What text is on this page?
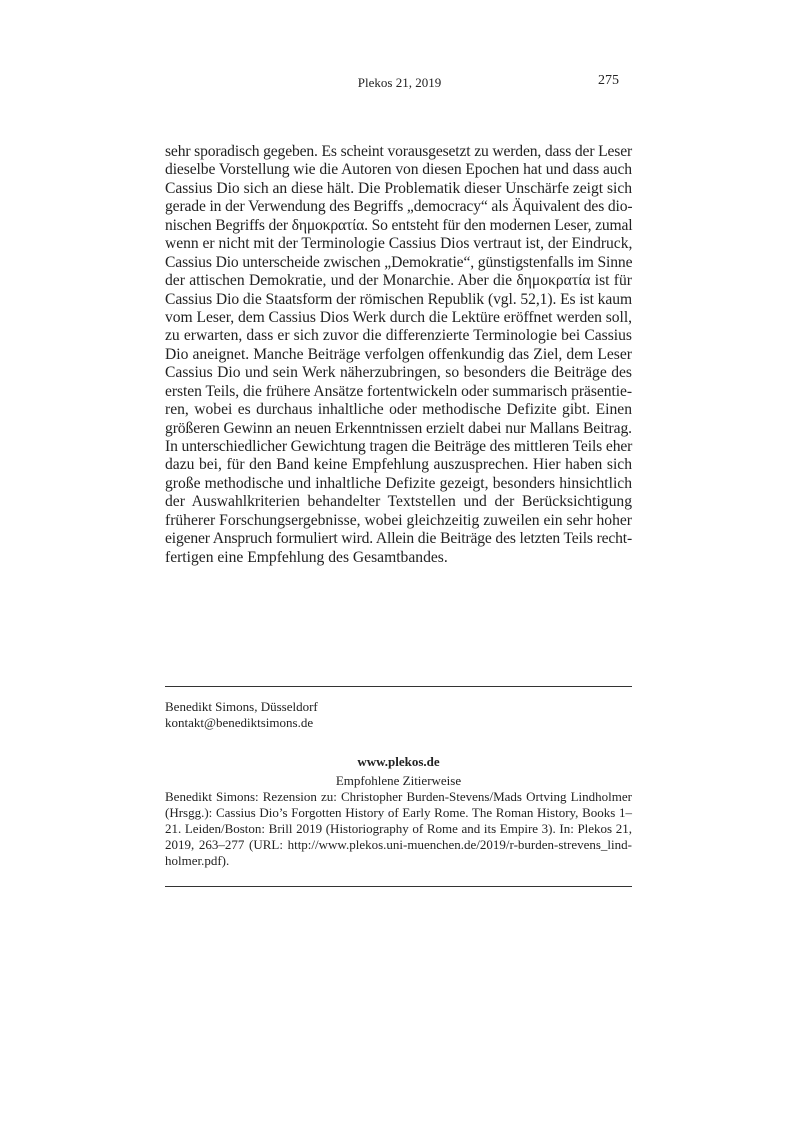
Plekos 21, 2019	275
sehr sporadisch gegeben. Es scheint vorausgesetzt zu werden, dass der Leser
dieselbe Vorstellung wie die Autoren von diesen Epochen hat und dass auch
Cassius Dio sich an diese hält. Die Problematik dieser Unschärfe zeigt sich
gerade in der Verwendung des Begriffs „democracy“ als Äquivalent des dio-
nischen Begriffs der δημοκρατία. So entsteht für den modernen Leser, zumal
wenn er nicht mit der Terminologie Cassius Dios vertraut ist, der Eindruck,
Cassius Dio unterscheide zwischen „Demokratie“, günstigstenfalls im Sinne
der attischen Demokratie, und der Monarchie. Aber die δημοκρατία ist für
Cassius Dio die Staatsform der römischen Republik (vgl. 52,1). Es ist kaum
vom Leser, dem Cassius Dios Werk durch die Lektüre eröffnet werden soll,
zu erwarten, dass er sich zuvor die differenzierte Terminologie bei Cassius
Dio aneignet. Manche Beiträge verfolgen offenkundig das Ziel, dem Leser
Cassius Dio und sein Werk näherzubringen, so besonders die Beiträge des
ersten Teils, die frühere Ansätze fortentwickeln oder summarisch präsentie-
ren, wobei es durchaus inhaltliche oder methodische Defizite gibt. Einen
größeren Gewinn an neuen Erkenntnissen erzielt dabei nur Mallans Beitrag.
In unterschiedlicher Gewichtung tragen die Beiträge des mittleren Teils eher
dazu bei, für den Band keine Empfehlung auszusprechen. Hier haben sich
große methodische und inhaltliche Defizite gezeigt, besonders hinsichtlich
der Auswahlkriterien behandelter Textstellen und der Berücksichtigung
früherer Forschungsergebnisse, wobei gleichzeitig zuweilen ein sehr hoher
eigener Anspruch formuliert wird. Allein die Beiträge des letzten Teils recht-
fertigen eine Empfehlung des Gesamtbandes.
Benedikt Simons, Düsseldorf
kontakt@benediktsimons.de
www.plekos.de
Empfohlene Zitierweise
Benedikt Simons: Rezension zu: Christopher Burden-Stevens/Mads Ortving Lindholmer
(Hrsgg.): Cassius Dio’s Forgotten History of Early Rome. The Roman History, Books 1–
21. Leiden/Boston: Brill 2019 (Historiography of Rome and its Empire 3). In: Plekos 21,
2019, 263–277 (URL: http://www.plekos.uni-muenchen.de/2019/r-burden-strevens_lind-
holmer.pdf).
